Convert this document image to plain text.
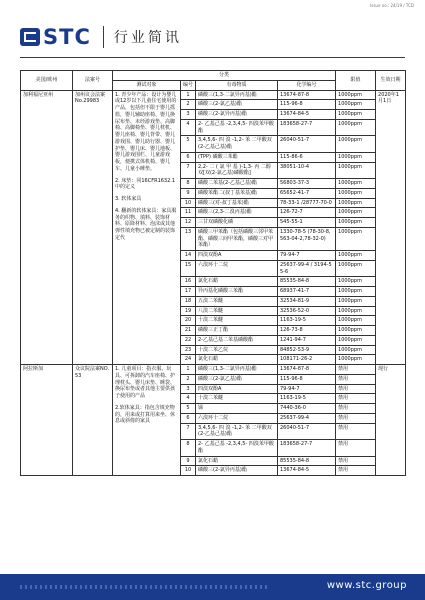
Issue no.: 24/19 / TCD
STC 行业简讯
美国/欧州	法案号	分类				限值	生效日期
		测试对象	编号	有毒物质	化学编号		
加利福尼亚州	加州议会法案 No.29983	1. 青少年产品：设计为婴儿或12岁以下儿童住宅使用的产品，包括但不限于婴儿摇篮，婴儿辅助座椅、婴儿换尿布垫、未经游戏垫、高脚椅、高脚椅垫、婴儿枕机、婴儿座椅、婴儿背带、婴儿游戏围、婴儿助行器、婴儿护垫、婴儿床、婴儿地板、婴儿游戏围栏、儿童游戏板，便携式体机椅、婴儿车、儿童小睡垫。

2. 床垫：同16CFR1632.1中的定义

3. 软体家具

4. 翻新的软体家具：家具服务的织物、填料、装饰材料、原降材料、泡沫或其他弹性填充物已被定制的装饰定代	1	磷酸三(1,3-二氯异丙基)酯	13674-87-8	1000ppm	2020年1月1日
			2	磷酸三(2-氯乙基)酯	115-96-8	1000ppm	
			3	磷酸三(2-氯异丙基)酯	13674-84-5	1000ppm	
			4	2- 乙基己基 -2,3,4,5- 四溴苯甲酸酯	183658-27-7	1000ppm	
			5	3,4,5,6- 四 溴 -1,2- 苯 二甲酸双(2-乙基己基)酯	26040-51-7	1000ppm	
			6	(TPP) 磷酸三苯酯	115-86-6	1000ppm	
			7	2,2- 二 ( 氯 甲 基 )-1,3- 丙 二醇 双[双(2-氯乙基)磷酸酯]	38051-10-4	1000ppm	
			8	磷酸二苯基(2-乙基己基)酯	56803-37-3	1000ppm	
			9	磷酸苯酯二(叔丁基苯基)酯	65652-41-7	1000ppm	
			10	磷酸三(对-叔丁基苯)酯	78-33-1 /28777-70-0	1000ppm	
			11	磷酸三(2,3-二溴丙基)酯	126-72-7	1000ppm	
			12	三甘双磷酸化磷	545-55-1	1000ppm	
			13	磷酸三甲苯酯（包括磷酸三邻甲苯酯、磷酸三间甲苯酯，磷酸三对甲苯酯）	1330-78-5 (78-30-8, 563-04-2,78-32-0)	1000ppm	
			14	四溴双酚A	79-94-7	1000ppm	
			15	六溴环十二烷	25637-99-4 / 3194-55-6	1000ppm	
			16	氯化石蜡	85535-84-8	1000ppm	
			17	异丙基化磷酸三苯酯	68937-41-7	1000ppm	
			18	五溴二苯醚	32534-81-9	1000ppm	
			19	八溴二苯醚	32536-52-0	1000ppm	
			20	十溴二苯醚	1163-19-5	1000ppm	
			21	磷酸三正丁酯	126-73-8	1000ppm	
			22	2-乙基己基二苯基磷酸酯	1241-94-7	1000ppm	
			23	十溴二苯乙烷	84852-53-9	1000ppm	
			24	氯化石蜡	108171-26-2	1000ppm	
阿拉斯加	众议院法案NO.53	1. 儿童项目：指衣服、玩具、可拆卸的汽车座椅、护理枕头、婴儿床垫、睡袋、换尿布垫或者其他主要供孩子使用的产品

2.软体家具：指包含填充物的，用来或打算用来坐、休息或斜倚的家具	1	磷酸三(1,3-二氯异丙基)酯	13674-87-8	禁用	现行
			2	磷酸三(2-氯乙基)酯	115-96-8	禁用	
			3	四溴双酚A	79-94-7	禁用	
			4	十溴二苯醚	1163-19-5	禁用	
			5	锑	7440-36-0	禁用	
			6	六溴环十二烷	25637-99-4	禁用	
			7	3,4,5,6- 四 溴 -1,2- 苯 二甲酸双(2-乙基己基)酯	26040-51-7	禁用	
			8	2- 乙基己基 -2,3,4,5- 四溴苯甲酸酯	183658-27-7	禁用	
			9	氯化石蜡	85535-84-8	禁用	
			10	磷酸三(2-氯异丙基)酯	13674-84-5	禁用	
www.stc.group
